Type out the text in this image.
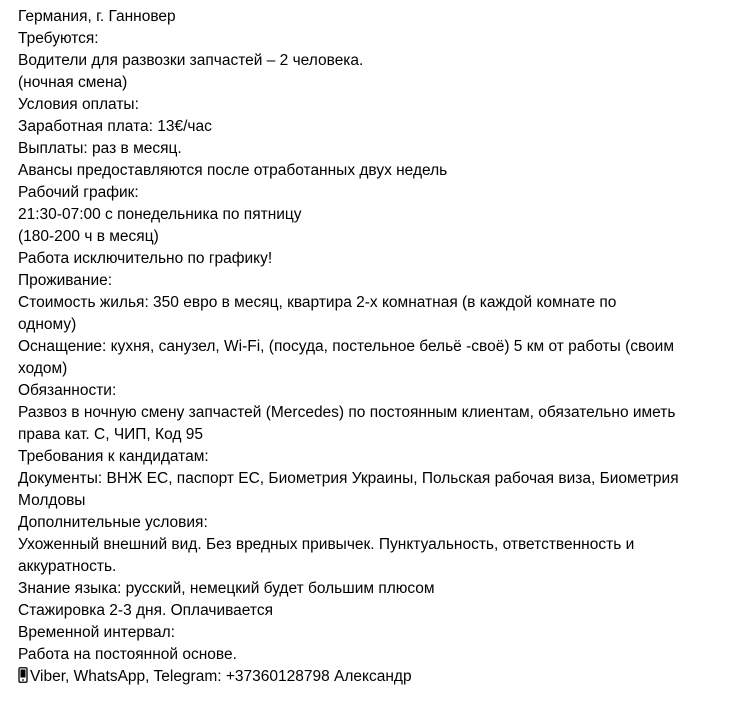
Германия, г. Ганновер
Требуются:
Водители для развозки запчастей – 2 человека.
(ночная смена)
Условия оплаты:
Заработная плата: 13€/час
Выплаты: раз в месяц.
Авансы предоставляются после отработанных двух недель
Рабочий график:
21:30-07:00 с понедельника по пятницу
(180-200 ч в месяц)
Работа исключительно по графику!
Проживание:
Стоимость жилья: 350 евро в месяц, квартира 2-х комнатная (в каждой комнате по
одному)
Оснащение: кухня, санузел, Wi-Fi, (посуда, постельное бельё -своё) 5 км от работы (своим
ходом)
Обязанности:
Развоз в ночную смену запчастей (Mercedes) по постоянным клиентам, обязательно иметь
права кат. С, ЧИП, Код 95
Требования к кандидатам:
Документы: ВНЖ ЕС, паспорт ЕС, Биометрия Украины, Польская рабочая виза, Биометрия
Молдовы
Дополнительные условия:
Ухоженный внешний вид. Без вредных привычек. Пунктуальность, ответственность и
аккуратность.
Знание языка: русский, немецкий будет большим плюсом
Стажировка 2-3 дня. Оплачивается
Временной интервал:
Работа на постоянной основе.
Viber, WhatsApp, Telegram: +37360128798 Александр
